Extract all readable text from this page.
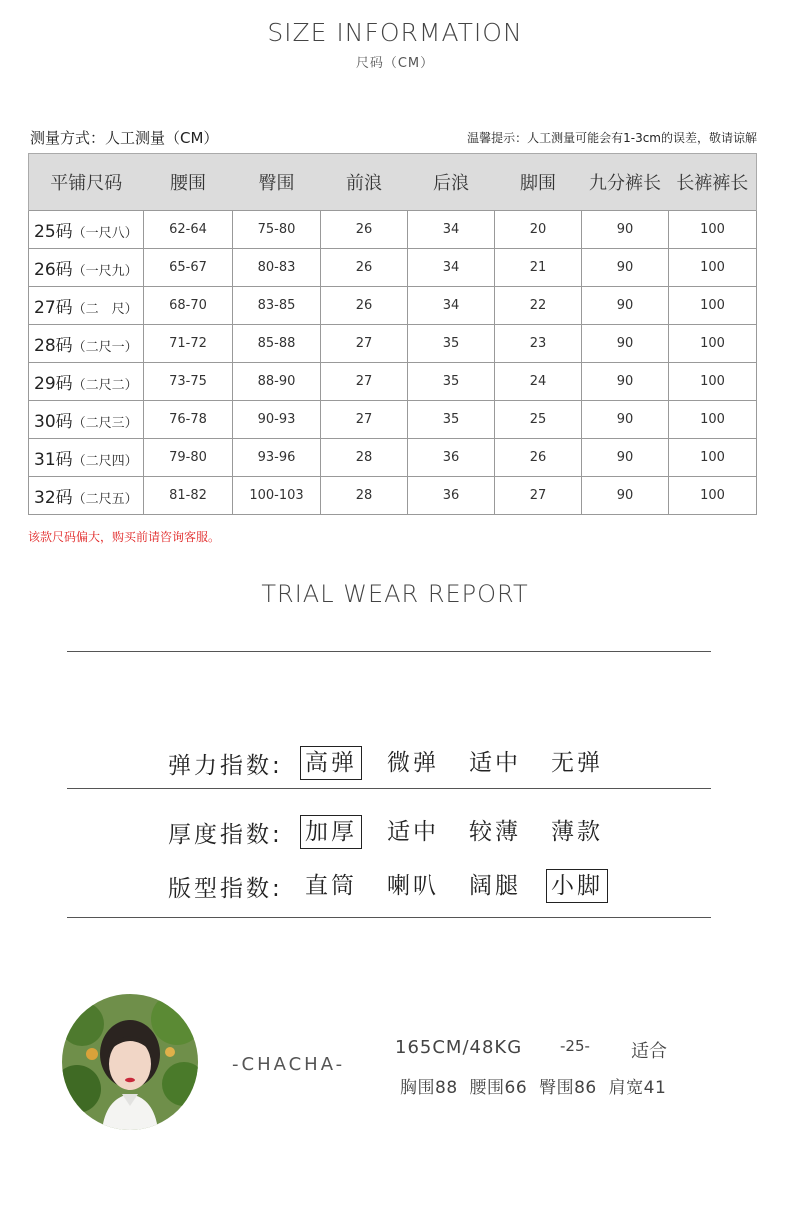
SIZE INFORMATION
尺码（CM）
测量方式：人工测量（CM）	温馨提示：人工测量可能会有1-3cm的误差，敬请谅解
平铺尺码	腰围	臀围	前浪	后浪	脚围	九分裤长	长裤裤长
25码（一尺八）	62-64	75-80	26	34	20	90	100
26码（一尺九）	65-67	80-83	26	34	21	90	100
27码（二　尺）	68-70	83-85	26	34	22	90	100
28码（二尺一）	71-72	85-88	27	35	23	90	100
29码（二尺二）	73-75	88-90	27	35	24	90	100
30码（二尺三）	76-78	90-93	27	35	25	90	100
31码（二尺四）	79-80	93-96	28	36	26	90	100
32码（二尺五）	81-82	100-103	28	36	27	90	100
该款尺码偏大，购买前请咨询客服。
TRIAL WEAR REPORT
弹力指数: 高弹 微弹 适中 无弹
厚度指数: 加厚 适中 较薄 薄款
版型指数: 直筒 喇叭 阔腿 小脚
-CHACHA-
165CM/48KG	-25- 适合
胸围88 腰围66 臀围86 肩宽41
